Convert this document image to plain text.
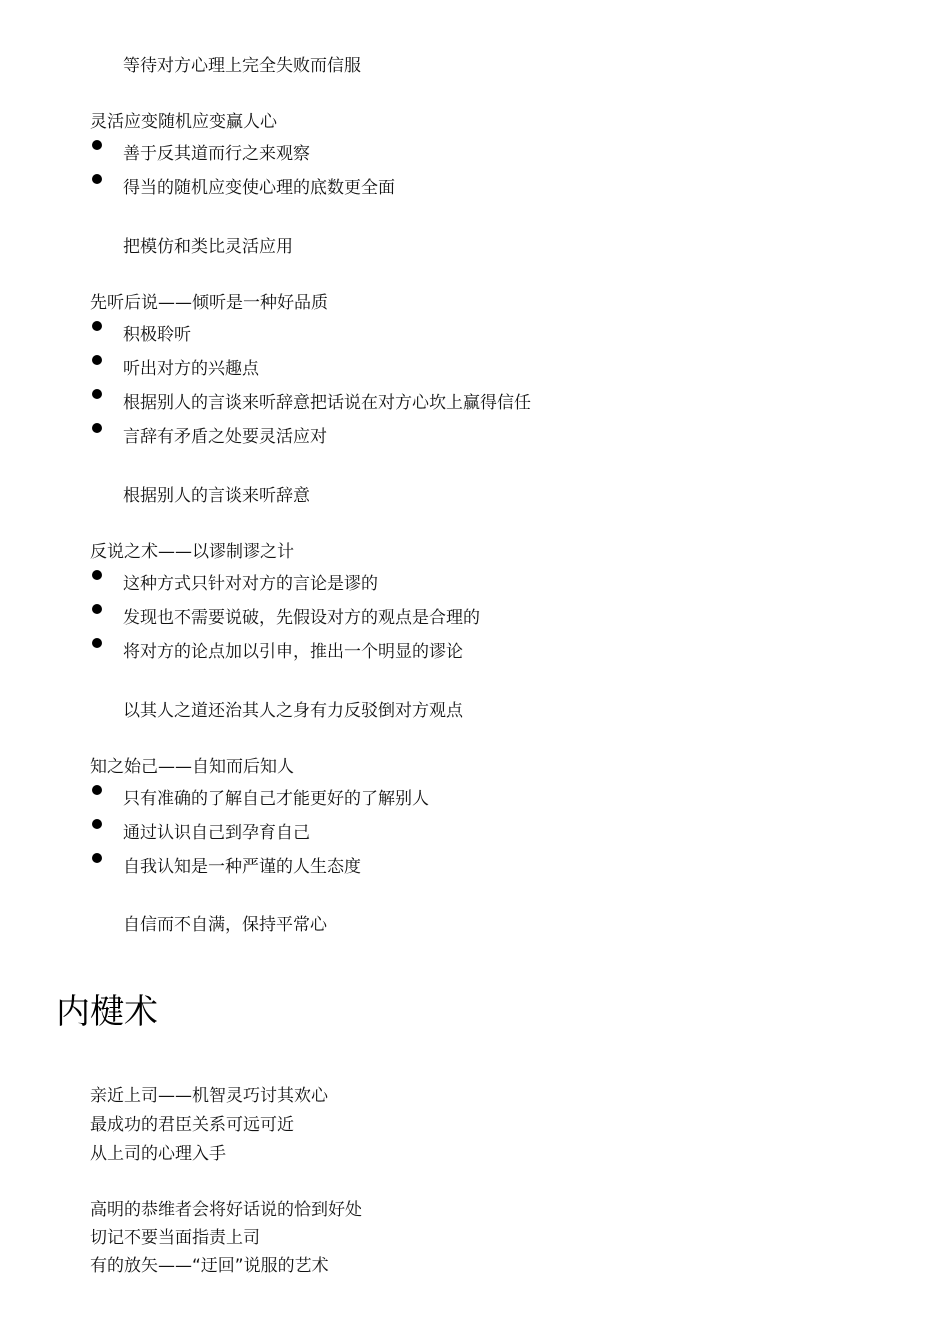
等待对方心理上完全失败而信服
灵活应变随机应变赢人心
善于反其道而行之来观察
得当的随机应变使心理的底数更全面
把模仿和类比灵活应用
先听后说——倾听是一种好品质
积极聆听
听出对方的兴趣点
根据别人的言谈来听辞意把话说在对方心坎上赢得信任
言辞有矛盾之处要灵活应对
根据别人的言谈来听辞意
反说之术——以谬制谬之计
这种方式只针对对方的言论是谬的
发现也不需要说破，先假设对方的观点是合理的
将对方的论点加以引申，推出一个明显的谬论
以其人之道还治其人之身有力反驳倒对方观点
知之始己——自知而后知人
只有准确的了解自己才能更好的了解别人
通过认识自己到孕育自己
自我认知是一种严谨的人生态度
自信而不自满，保持平常心
内楗术
亲近上司——机智灵巧讨其欢心
最成功的君臣关系可远可近
从上司的心理入手
高明的恭维者会将好话说的恰到好处
切记不要当面指责上司
有的放矢——“迂回”说服的艺术
